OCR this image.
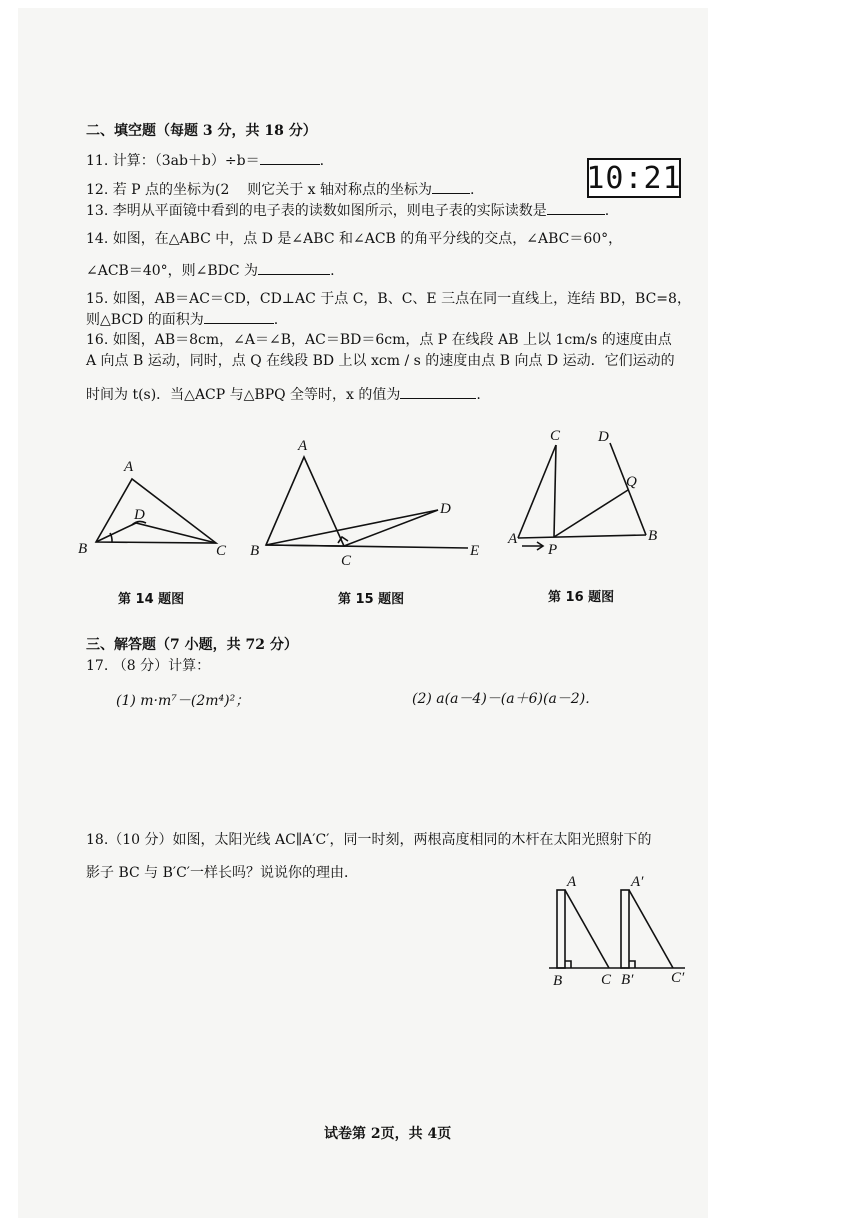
二、填空题（每题 3 分，共 18 分）
11. 计算：（3ab＋b）÷b＝	.
12. 若 P 点的坐标为(2 则它关于 x 轴对称点的坐标为	.	10:21
13. 李明从平面镜中看到的电子表的读数如图所示，则电子表的实际读数是	.
14. 如图，在△ABC 中，点 D 是∠ABC 和∠ACB 的角平分线的交点，∠ABC＝60°，
∠ACB＝40°，则∠BDC 为	.
15. 如图，AB＝AC＝CD，CD⊥AC 于点 C，B、C、E 三点在同一直线上，连结 BD，BC=8，
则△BCD 的面积为	.
16. 如图，AB＝8cm，∠A＝∠B，AC＝BD＝6cm，点 P 在线段 AB 上以 1cm/s 的速度由点
A 向点 B 运动，同时，点 Q 在线段 BD 上以 xcm / s 的速度由点 B 向点 D 运动．它们运动的
时间为 t(s)．当△ACP 与△BPQ 全等时，x 的值为	.
A
B	C
D
A
B
C
D
E
C	D
Q
A	B
P
第 14 题图	第 15 题图	第 16 题图
三、解答题（7 小题，共 72 分）
17. （8 分）计算：
(1) m·m⁷－(2m⁴)²；	(2) a(a－4)－(a＋6)(a－2)．
18.（10 分）如图，太阳光线 AC∥A′C′，同一时刻，两根高度相同的木杆在太阳光照射下的
影子 BC 与 B′C′一样长吗？说说你的理由．
A
B	C
A′
B′	C′
试卷第 2页，共 4页
